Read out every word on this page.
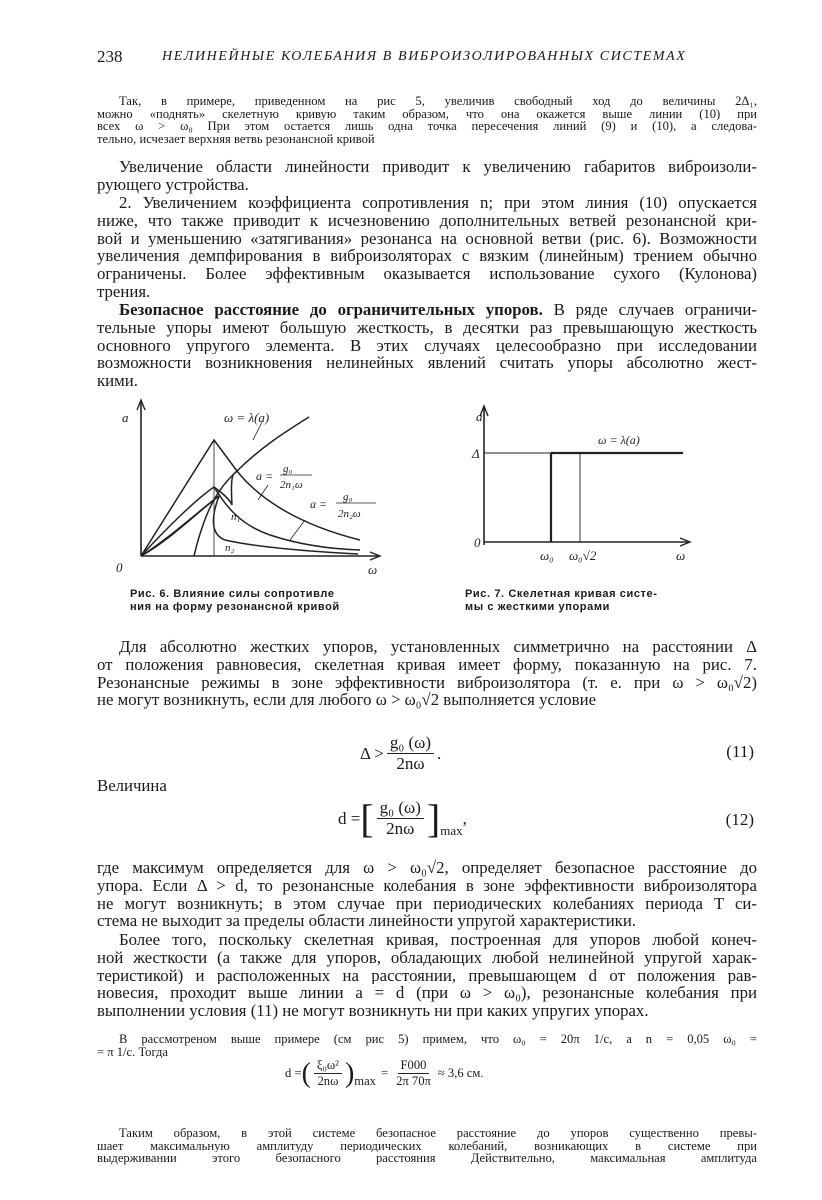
238	НЕЛИНЕЙНЫЕ КОЛЕБАНИЯ В ВИБРОИЗОЛИРОВАННЫХ СИСТЕМАХ
Так, в примере, приведенном на рис 5, увеличив свободный ход до величины 2Δ₁,
можно «поднять» скелетную кривую таким образом, что она окажется выше линии (10) при
всех ω > ω₀ При этом остается лишь одна точка пересечения линий (9) и (10), а следова-
тельно, исчезает верхняя ветвь резонансной кривой
Увеличение области линейности приводит к увеличению габаритов виброизоли-
рующего устройства.
2. Увеличением коэффициента сопротивления n; при этом линия (10) опускается
ниже, что также приводит к исчезновению дополнительных ветвей резонансной кри-
вой и уменьшению «затягивания» резонанса на основной ветви (рис. 6). Возможности
увеличения демпфирования в виброизоляторах с вязким (линейным) трением обычно
ограничены. Более эффективным оказывается использование сухого (Кулонова)
трения.
Безопасное расстояние до ограничительных упоров. В ряде случаев ограничи-
тельные упоры имеют большую жесткость, в десятки раз превышающую жесткость
основного упругого элемента. В этих случаях целесообразно при исследовании
возможности возникновения нелинейных явлений считать упоры абсолютно жест-
кими.
a
0	ω
ω = λ(a)
a = g₀
2n₁ω
a = g₀
2n₂ω
n₁
n₂
Рис. 6. Влияние силы сопротивле
ния на форму резонансной кривой
a
Δ
0
ω₀ ω₀√2	ω
ω = λ(a)
Рис. 7. Скелетная кривая систе-
мы с жесткими упорами
Для абсолютно жестких упоров, установленных симметрично на расстоянии Δ
от положения равновесия, скелетная кривая имеет форму, показанную на рис. 7.
Резонансные режимы в зоне эффективности виброизолятора (т. е. при ω > ω₀√2)
не могут возникнуть, если для любого ω > ω₀√2 выполняется условие
$\Delta > \frac{\text{g₀ (ω)}}{2n\omega}$ .	(11)
Величина
d = [ $\frac{\text{g₀ (ω)}}{2n\omega}$ ] max
,	(12)
где максимум определяется для ω > ω₀√2, определяет безопасное расстояние до
упора. Если Δ > d, то резонансные колебания в зоне эффективности виброизолятора
не могут возникнуть; в этом случае при периодических колебаниях периода T си-
стема не выходит за пределы области линейности упругой характеристики.
Более того, поскольку скелетная кривая, построенная для упоров любой конеч-
ной жесткости (а также для упоров, обладающих любой нелинейной упругой харак-
теристикой) и расположенных на расстоянии, превышающем d от положения рав-
новесия, проходит выше линии a = d (при ω > ω₀), резонансные колебания при
выполнении условия (11) не могут возникнуть ни при каких упругих упорах.
В рассмотреном выше примере (см рис 5) примем, что ω₀ = 20π 1/с, а n = 0,05 ω₀ =
= π 1/с. Тогда
d = ( $\frac{\text{ξ₀ω²}}{2n\omega}$ ) max
= $\frac{F000}{2\pi 70\pi} \approx 3,6$ см.
Таким образом, в этой системе безопасное расстояние до упоров существенно превы-
шает максимальную амплитуду периодических колебаний, возникающих в системе при
выдерживании этого безопасного расстояния Действительно, максимальная амплитуда
